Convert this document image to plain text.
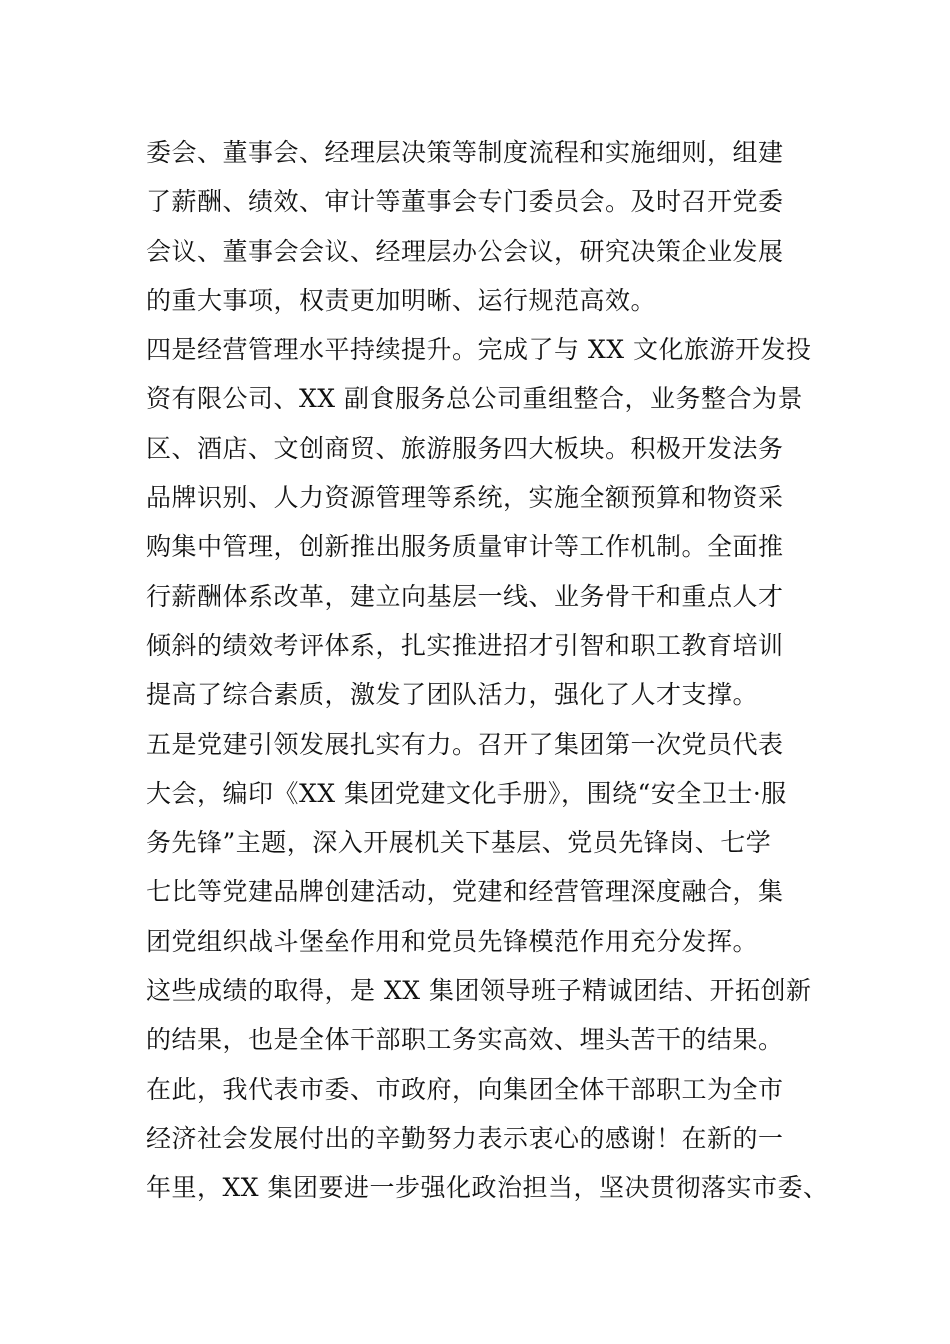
委会、董事会、经理层决策等制度流程和实施细则，组建
了薪酬、绩效、审计等董事会专门委员会。及时召开党委
会议、董事会会议、经理层办公会议，研究决策企业发展
的重大事项，权责更加明晰、运行规范高效。
四是经营管理水平持续提升。完成了与 XX 文化旅游开发投
资有限公司、XX 副食服务总公司重组整合，业务整合为景
区、酒店、文创商贸、旅游服务四大板块。积极开发法务
品牌识别、人力资源管理等系统，实施全额预算和物资采
购集中管理，创新推出服务质量审计等工作机制。全面推
行薪酬体系改革，建立向基层一线、业务骨干和重点人才
倾斜的绩效考评体系，扎实推进招才引智和职工教育培训
提高了综合素质，激发了团队活力，强化了人才支撑。
五是党建引领发展扎实有力。召开了集团第一次党员代表
大会，编印《XX 集团党建文化手册》，围绕“安全卫士·服
务先锋”主题，深入开展机关下基层、党员先锋岗、七学
七比等党建品牌创建活动，党建和经营管理深度融合，集
团党组织战斗堡垒作用和党员先锋模范作用充分发挥。
这些成绩的取得，是 XX 集团领导班子精诚团结、开拓创新
的结果，也是全体干部职工务实高效、埋头苦干的结果。
在此，我代表市委、市政府，向集团全体干部职工为全市
经济社会发展付出的辛勤努力表示衷心的感谢！在新的一
年里，XX 集团要进一步强化政治担当，坚决贯彻落实市委、
